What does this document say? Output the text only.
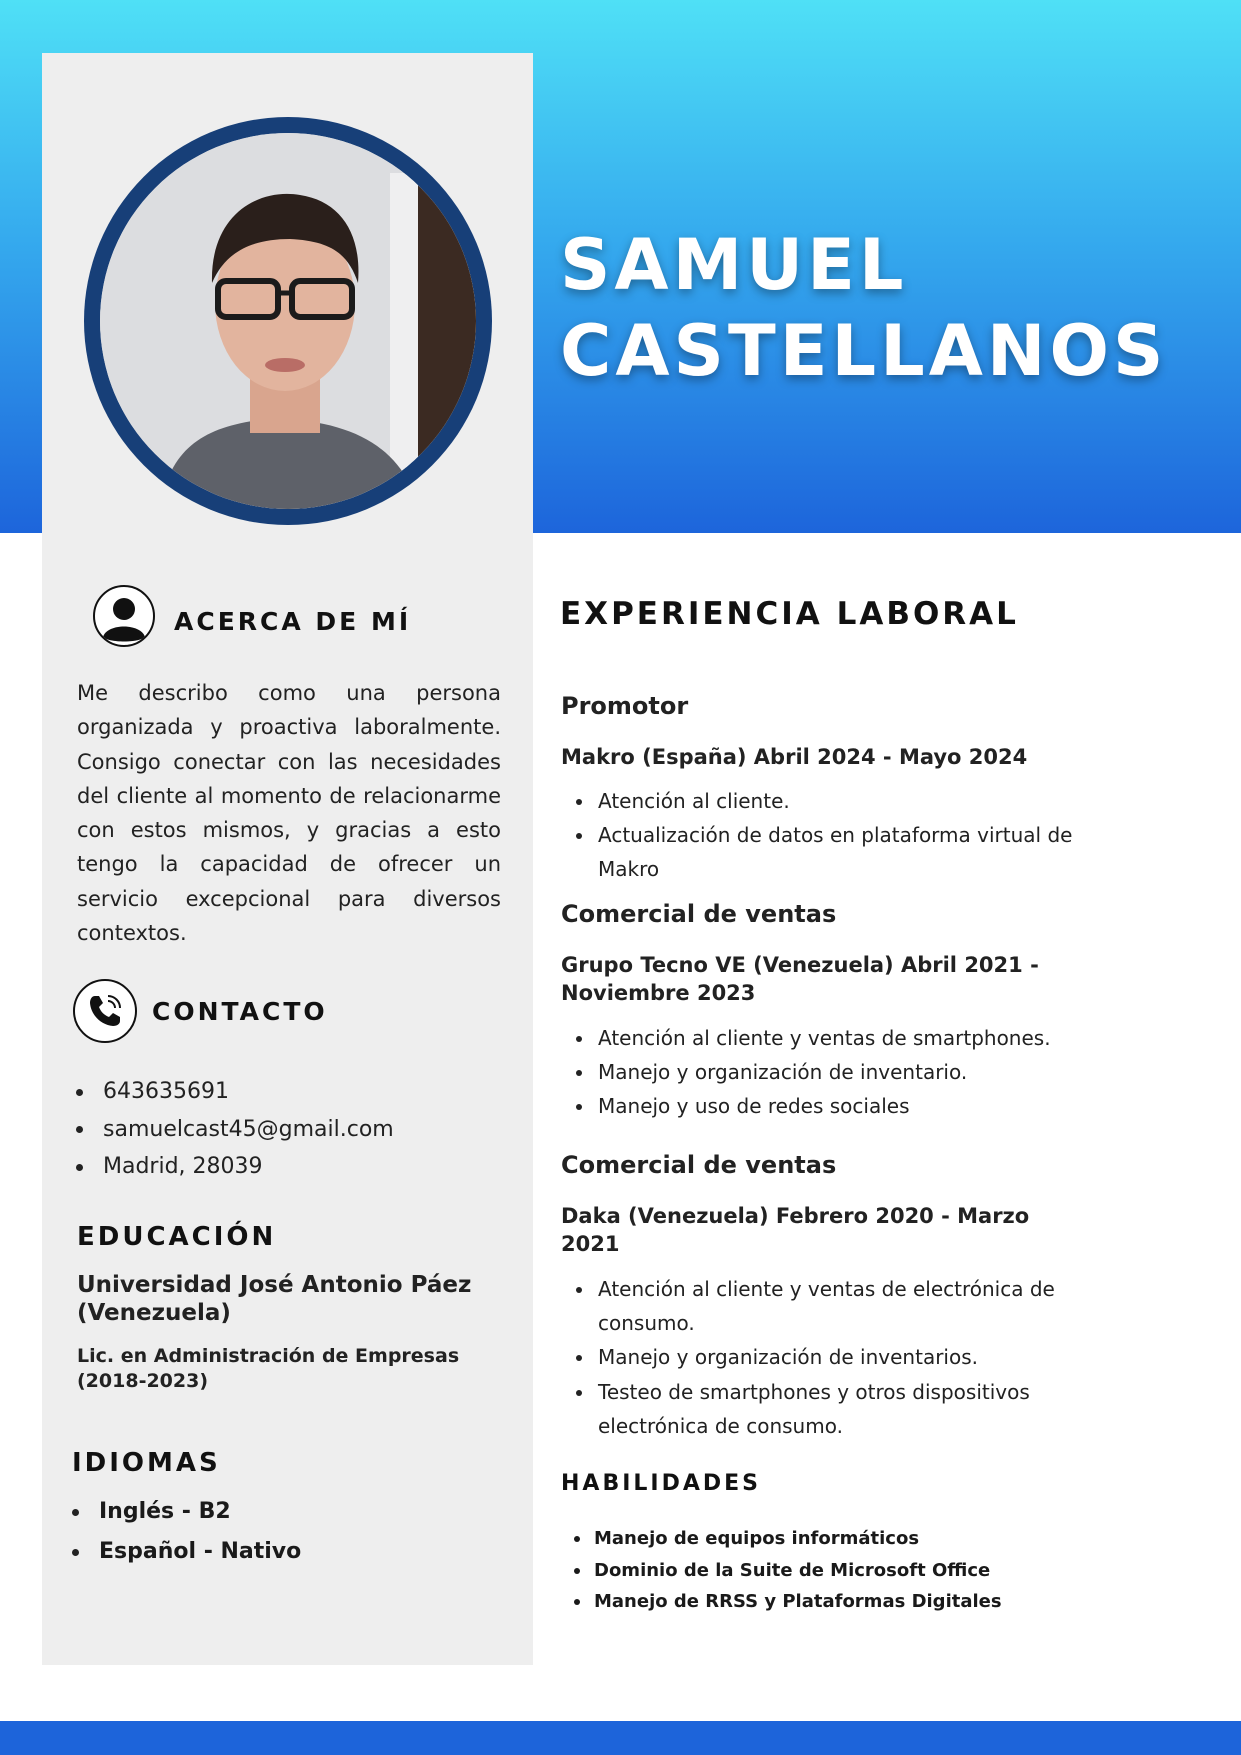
SAMUEL
CASTELLANOS
ACERCA DE MÍ
Me describo como una persona organizada y proactiva laboralmente. Consigo conectar con las necesidades del cliente al momento de relacionarme con estos mismos, y gracias a esto tengo la capacidad de ofrecer un servicio excepcional para diversos contextos.
CONTACTO
643635691
samuelcast45@gmail.com
Madrid, 28039
EDUCACIÓN
Universidad José Antonio Páez (Venezuela)
Lic. en Administración de Empresas (2018-2023)
IDIOMAS
Inglés - B2
Español - Nativo
EXPERIENCIA LABORAL
Promotor
Makro (España) Abril 2024 - Mayo 2024
Atención al cliente.
Actualización de datos en plataforma virtual de Makro
Comercial de ventas
Grupo Tecno VE (Venezuela) Abril 2021 - Noviembre 2023
Atención al cliente y ventas de smartphones.
Manejo y organización de inventario.
Manejo y uso de redes sociales
Comercial de ventas
Daka (Venezuela) Febrero 2020 - Marzo 2021
Atención al cliente y ventas de electrónica de consumo.
Manejo y organización de inventarios.
Testeo de smartphones y otros dispositivos electrónica de consumo.
HABILIDADES
Manejo de equipos informáticos
Dominio de la Suite de Microsoft Office
Manejo de RRSS y Plataformas Digitales
